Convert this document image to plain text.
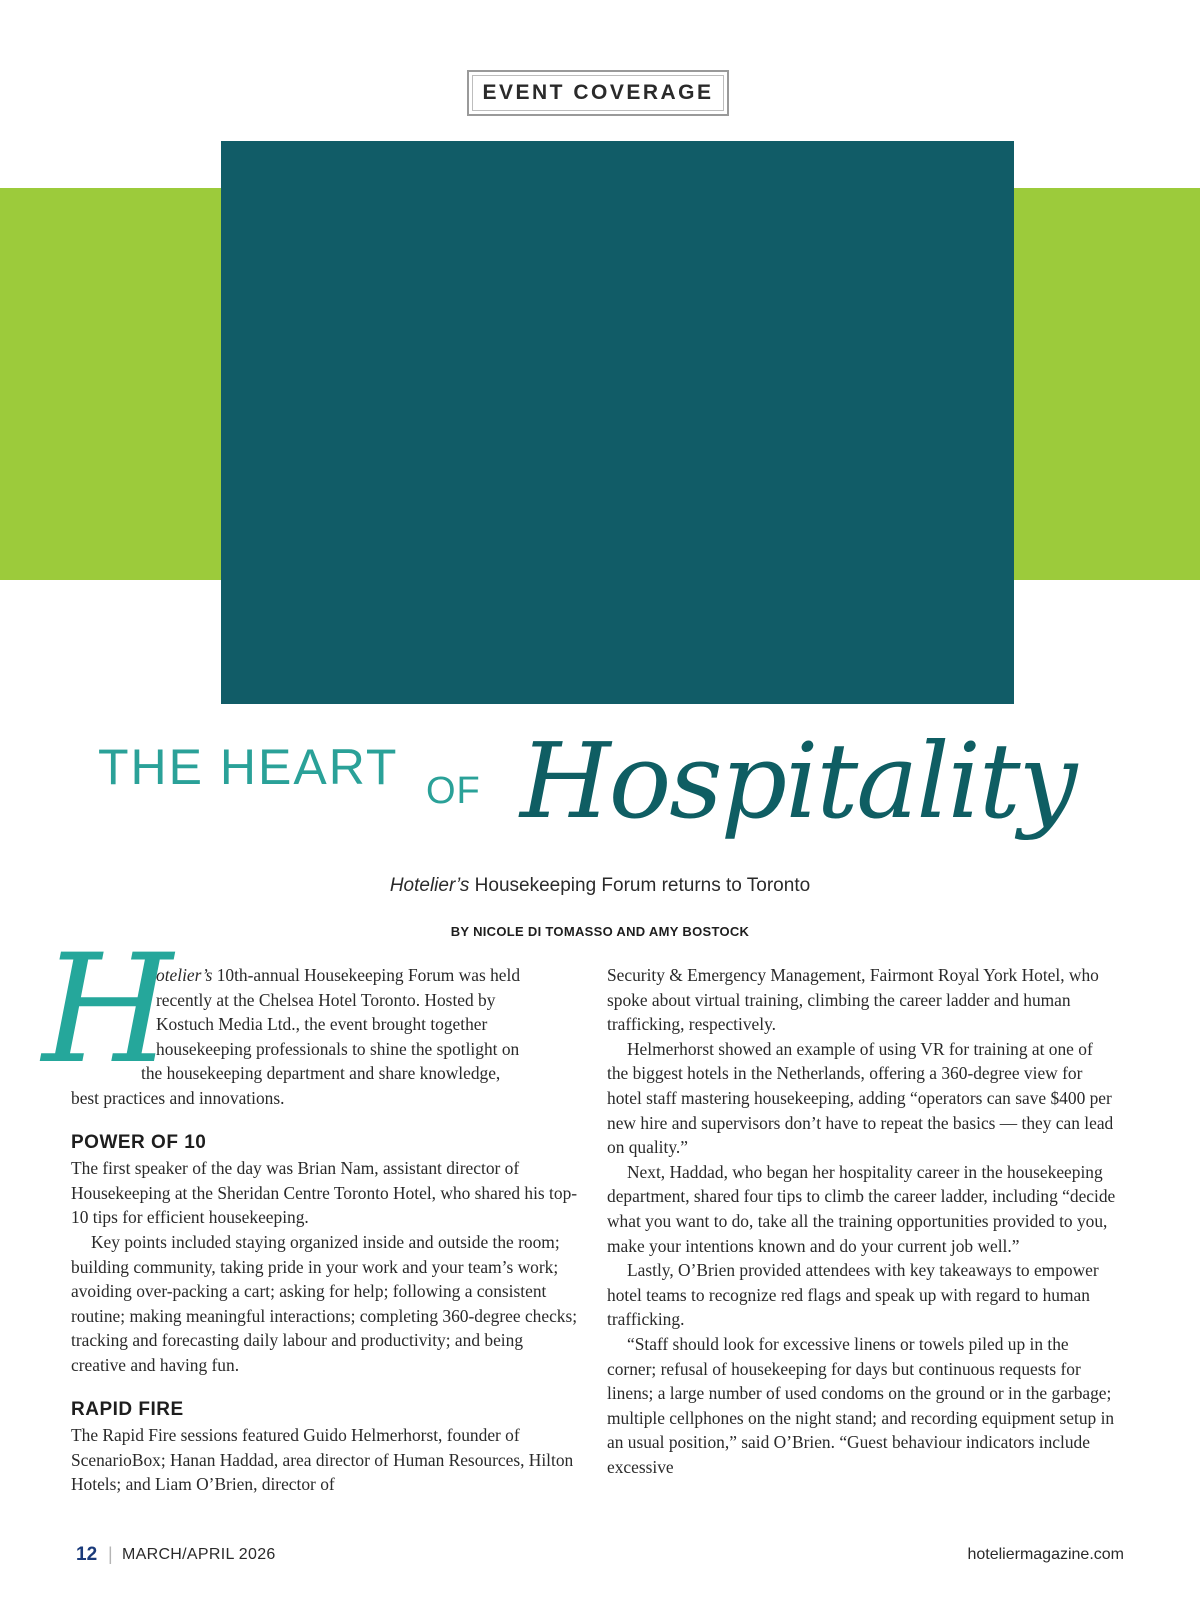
EVENT COVERAGE
THE HEART OF Hospitality
Hotelier’s Housekeeping Forum returns to Toronto
BY NICOLE DI TOMASSO AND AMY BOSTOCK
H

otelier’s 10th-annual Housekeeping Forum was held

recently at the Chelsea Hotel Toronto. Hosted by

Kostuch Media Ltd., the event brought together

housekeeping professionals to shine the spotlight on

the housekeeping department and share knowledge,

best practices and innovations.

POWER OF 10

The first speaker of the day was Brian Nam, assistant director of Housekeeping at the Sheridan Centre Toronto Hotel, who shared his top-10 tips for efficient housekeeping.

Key points included staying organized inside and outside the room; building community, taking pride in your work and your team’s work; avoiding over-packing a cart; asking for help; following a consistent routine; making meaningful interactions; completing 360-degree checks; tracking and forecasting daily labour and productivity; and being creative and having fun.

RAPID FIRE

The Rapid Fire sessions featured Guido Helmerhorst, founder of ScenarioBox; Hanan Haddad, area director of Human Resources, Hilton Hotels; and Liam O’Brien, director of

Security & Emergency Management, Fairmont Royal York Hotel, who spoke about virtual training, climbing the career ladder and human trafficking, respectively.

Helmerhorst showed an example of using VR for training at one of the biggest hotels in the Netherlands, offering a 360-degree view for hotel staff mastering housekeeping, adding “operators can save $400 per new hire and supervisors don’t have to repeat the basics — they can lead on quality.”

Next, Haddad, who began her hospitality career in the housekeeping department, shared four tips to climb the career ladder, including “decide what you want to do, take all the training opportunities provided to you, make your intentions known and do your current job well.”

Lastly, O’Brien provided attendees with key takeaways to empower hotel teams to recognize red flags and speak up with regard to human trafficking.

“Staff should look for excessive linens or towels piled up in the corner; refusal of housekeeping for days but continuous requests for linens; a large number of used condoms on the ground or in the garbage; multiple cellphones on the night stand; and recording equipment setup in an usual position,” said O’Brien. “Guest behaviour indicators include excessive

12 | MARCH/APRIL 2026	hoteliermagazine.com
